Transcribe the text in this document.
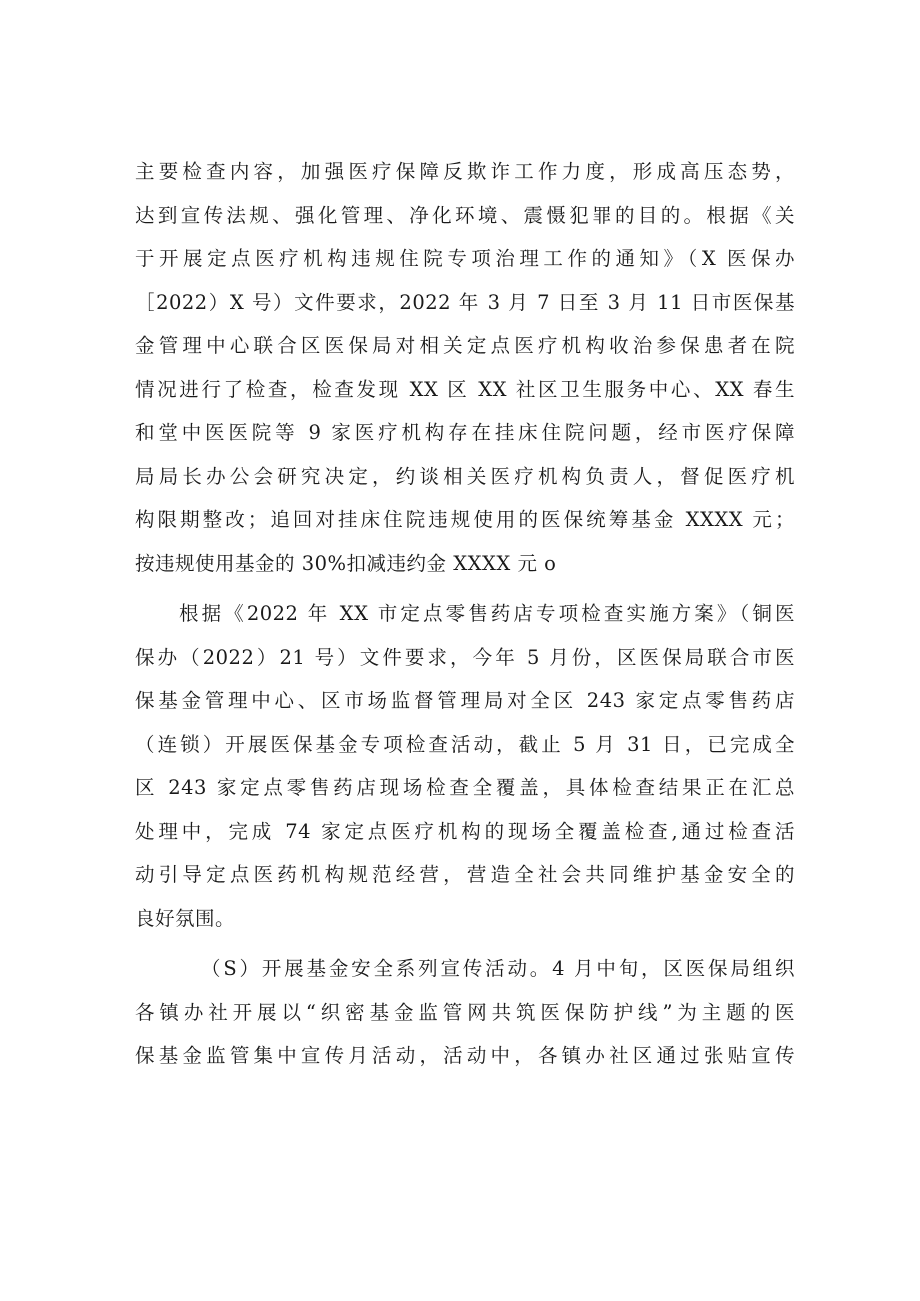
主要检查内容，加强医疗保障反欺诈工作力度，形成高压态势，
达到宣传法规、强化管理、净化环境、震慑犯罪的目的。根据《关
于开展定点医疗机构违规住院专项治理工作的通知》（X 医保办
［2022）X 号）文件要求，2022 年 3 月 7 日至 3 月 11 日市医保基
金管理中心联合区医保局对相关定点医疗机构收治参保患者在院
情况进行了检查，检查发现 XX 区 XX 社区卫生服务中心、XX 春生
和堂中医医院等 9 家医疗机构存在挂床住院问题，经市医疗保障
局局长办公会研究决定，约谈相关医疗机构负责人，督促医疗机
构限期整改；追回对挂床住院违规使用的医保统筹基金 XXXX 元；
按违规使用基金的 30%扣减违约金 XXXX 元 o
根据《2022 年 XX 市定点零售药店专项检查实施方案》（铜医
保办（2022）21 号）文件要求，今年 5 月份，区医保局联合市医
保基金管理中心、区市场监督管理局对全区 243 家定点零售药店
（连锁）开展医保基金专项检查活动，截止 5 月 31 日，已完成全
区 243 家定点零售药店现场检查全覆盖，具体检查结果正在汇总
处理中，完成 74 家定点医疗机构的现场全覆盖检查,通过检查活
动引导定点医药机构规范经营，营造全社会共同维护基金安全的
良好氛围。
（S）开展基金安全系列宣传活动。4 月中旬，区医保局组织
各镇办社开展以“织密基金监管网共筑医保防护线”为主题的医
保基金监管集中宣传月活动，活动中，各镇办社区通过张贴宣传
